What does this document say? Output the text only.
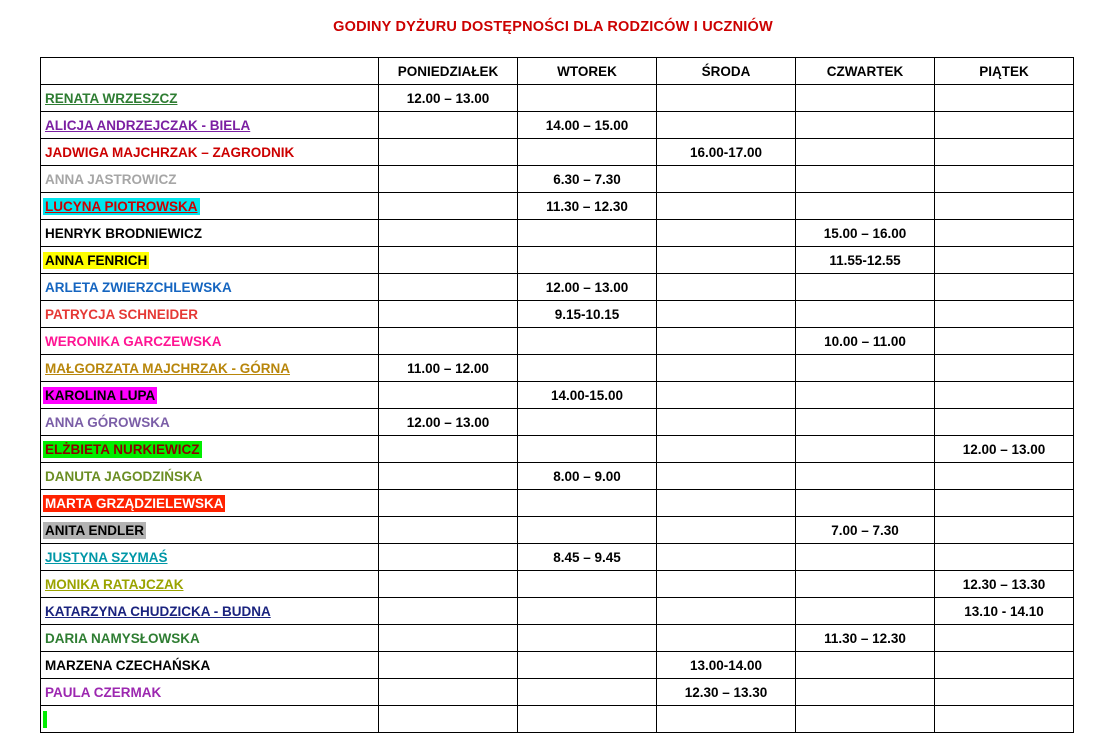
GODINY DYŻURU DOSTĘPNOŚCI DLA RODZICÓW I UCZNIÓW
	PONIEDZIAŁEK	WTOREK	ŚRODA	CZWARTEK	PIĄTEK
RENATA WRZESZCZ	12.00 – 13.00				
ALICJA ANDRZEJCZAK - BIELA		14.00 – 15.00			
JADWIGA MAJCHRZAK – ZAGRODNIK			16.00-17.00		
ANNA JASTROWICZ		6.30 – 7.30			
LUCYNA PIOTROWSKA		11.30 – 12.30			
HENRYK BRODNIEWICZ				15.00 – 16.00	
ANNA FENRICH				11.55-12.55	
ARLETA ZWIERZCHLEWSKA		12.00 – 13.00			
PATRYCJA SCHNEIDER		9.15-10.15			
WERONIKA GARCZEWSKA				10.00 – 11.00	
MAŁGORZATA MAJCHRZAK - GÓRNA	11.00 – 12.00				
KAROLINA LUPA		14.00-15.00			
ANNA GÓROWSKA	12.00 – 13.00				
ELŻBIETA NURKIEWICZ					12.00 – 13.00
DANUTA JAGODZIŃSKA		8.00 – 9.00			
MARTA GRZĄDZIELEWSKA					
ANITA ENDLER				7.00 – 7.30	
JUSTYNA SZYMAŚ		8.45 – 9.45			
MONIKA RATAJCZAK					12.30 – 13.30
KATARZYNA CHUDZICKA - BUDNA					13.10 - 14.10
DARIA NAMYSŁOWSKA				11.30 – 12.30	
MARZENA CZECHAŃSKA			13.00-14.00		
PAULA CZERMAK			12.30 – 13.30		
